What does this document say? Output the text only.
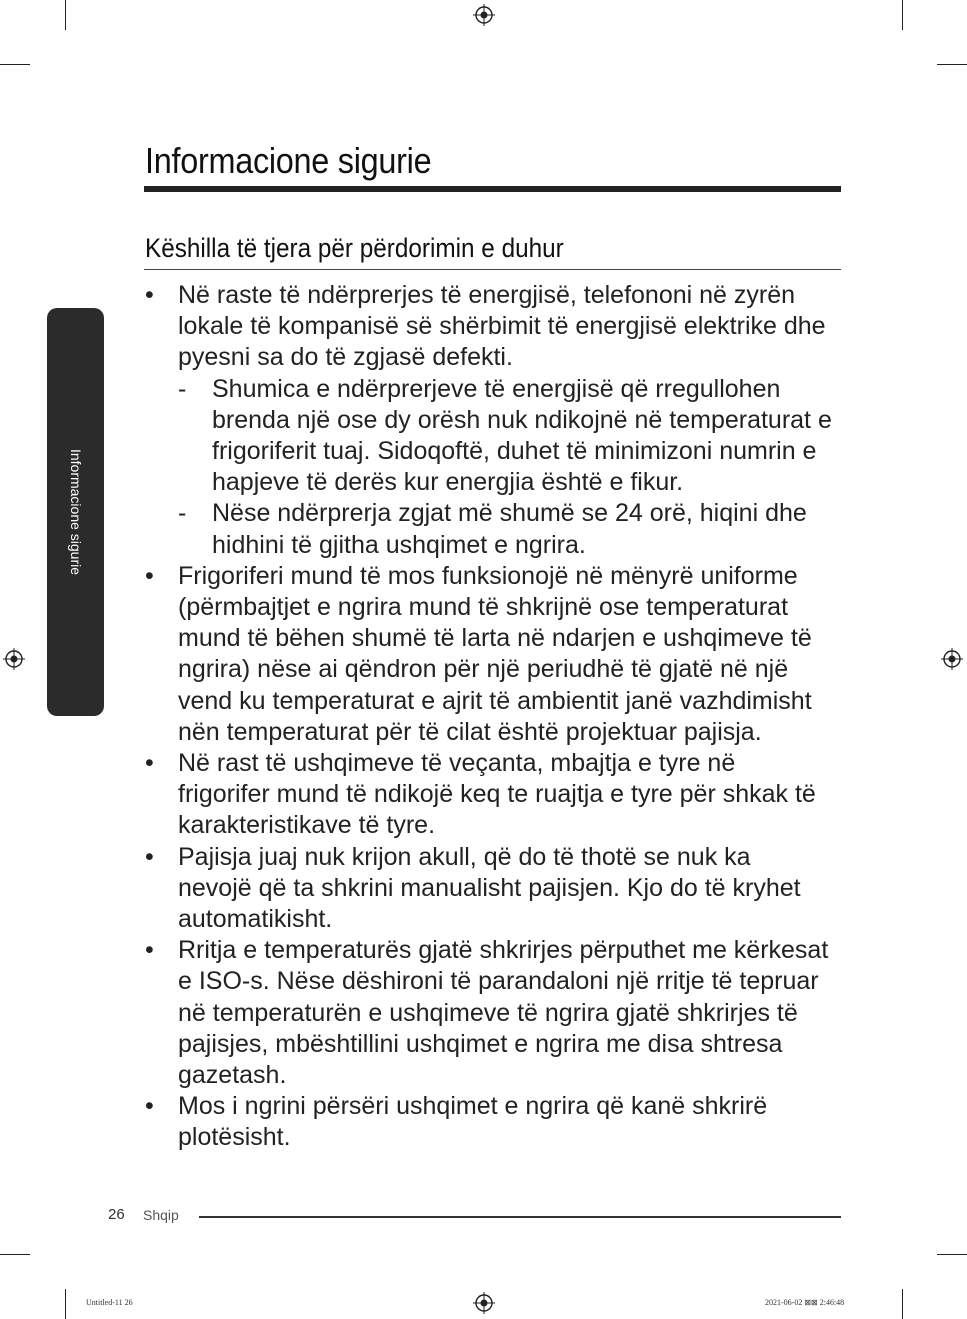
Informacione sigurie
Informacione sigurie
Këshilla të tjera për përdorimin e duhur
• Në raste të ndërprerjes të energjisë, telefononi në zyrën
lokale të kompanisë së shërbimit të energjisë elektrike dhe
pyesni sa do të zgjasë defekti.
- Shumica e ndërprerjeve të energjisë që rregullohen
brenda një ose dy orësh nuk ndikojnë në temperaturat e
frigoriferit tuaj. Sidoqoftë, duhet të minimizoni numrin e
hapjeve të derës kur energjia është e fikur.
- Nëse ndërprerja zgjat më shumë se 24 orë, hiqini dhe
hidhini të gjitha ushqimet e ngrira.
• Frigoriferi mund të mos funksionojë në mënyrë uniforme
(përmbajtjet e ngrira mund të shkrijnë ose temperaturat
mund të bëhen shumë të larta në ndarjen e ushqimeve të
ngrira) nëse ai qëndron për një periudhë të gjatë në një
vend ku temperaturat e ajrit të ambientit janë vazhdimisht
nën temperaturat për të cilat është projektuar pajisja.
• Në rast të ushqimeve të veçanta, mbajtja e tyre në
frigorifer mund të ndikojë keq te ruajtja e tyre për shkak të
karakteristikave të tyre.
• Pajisja juaj nuk krijon akull, që do të thotë se nuk ka
nevojë që ta shkrini manualisht pajisjen. Kjo do të kryhet
automatikisht.
• Rritja e temperaturës gjatë shkrirjes përputhet me kërkesat
e ISO-s. Nëse dëshironi të parandaloni një rritje të tepruar
në temperaturën e ushqimeve të ngrira gjatë shkrirjes të
pajisjes, mbështillini ushqimet e ngrira me disa shtresa
gazetash.
• Mos i ngrini përsëri ushqimet e ngrira që kanë shkrirë
plotësisht.
26 Shqip
Untitled-11 26	2021-06-02 ⊠⊠ 2:46:48
